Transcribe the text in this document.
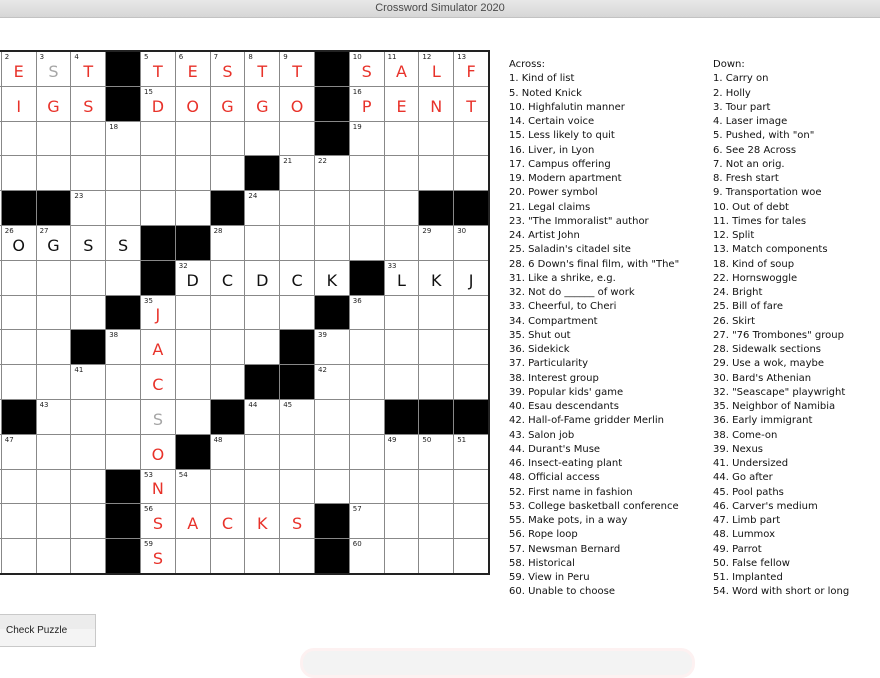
Crossword Simulator 2020
2
E
3
S
4
T
5
T
6
E
7
S
8
T
9
T
10
S
11
A
12
L
13
F
I	G	S
15
D	O	G	G	O
16
P	E	N	T
18	19
21	22
23	24
26
O
27
G	S	S
28	29	30
32
D	C	D	C	K
33
L	K	J
35
J
36
38
A
39
41
C
42
43
S
44	45
47
O
48	49	50	51
53
N
54
56
S	A	C	K	S
57
59
S
60
Across:
1. Kind of list
5. Noted Knick
10. Highfalutin manner
14. Certain voice
15. Less likely to quit
16. Liver, in Lyon
17. Campus offering
19. Modern apartment
20. Power symbol
21. Legal claims
23. "The Immoralist" author
24. Artist John
25. Saladin's citadel site
28. 6 Down's final film, with "The"
31. Like a shrike, e.g.
32. Not do ______ of work
33. Cheerful, to Cheri
34. Compartment
35. Shut out
36. Sidekick
37. Particularity
38. Interest group
39. Popular kids' game
40. Esau descendants
42. Hall-of-Fame gridder Merlin
43. Salon job
44. Durant's Muse
46. Insect-eating plant
48. Official access
52. First name in fashion
53. College basketball conference
55. Make pots, in a way
56. Rope loop
57. Newsman Bernard
58. Historical
59. View in Peru
60. Unable to choose
Down:
1. Carry on
2. Holly
3. Tour part
4. Laser image
5. Pushed, with "on"
6. See 28 Across
7. Not an orig.
8. Fresh start
9. Transportation woe
10. Out of debt
11. Times for tales
12. Split
13. Match components
18. Kind of soup
22. Hornswoggle
24. Bright
25. Bill of fare
26. Skirt
27. "76 Trombones" group
28. Sidewalk sections
29. Use a wok, maybe
30. Bard's Athenian
32. "Seascape" playwright
35. Neighbor of Namibia
36. Early immigrant
38. Come-on
39. Nexus
41. Undersized
44. Go after
45. Pool paths
46. Carver's medium
47. Limb part
48. Lummox
49. Parrot
50. False fellow
51. Implanted
54. Word with short or long
Check Puzzle
